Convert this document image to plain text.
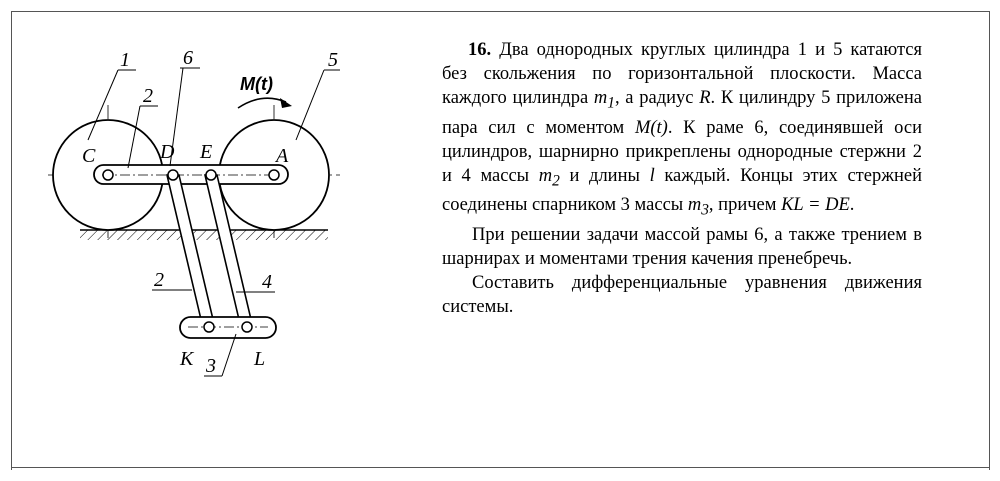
1
2
6	5
M(t)
C	D E	A
2	4
K	L
3

16. Два однородных круглых цилиндра 1 и 5 катаются без скольжения по горизонтальной плоскости. Масса каждого цилиндра $m_1$, а радиус R. К цилиндру 5 приложена пара сил с моментом M(t). К раме 6, соединявшей оси цилиндров, шарнирно прикреплены однородные стержни 2 и 4 массы $m_2$ и длины l каждый. Концы этих стержней соединены спарником 3 массы $m_3$, причем KL = DE.

При решении задачи массой рамы 6, а также трением в шарнирах и моментами трения качения пренебречь.

Составить дифференциальные уравнения движения системы.
